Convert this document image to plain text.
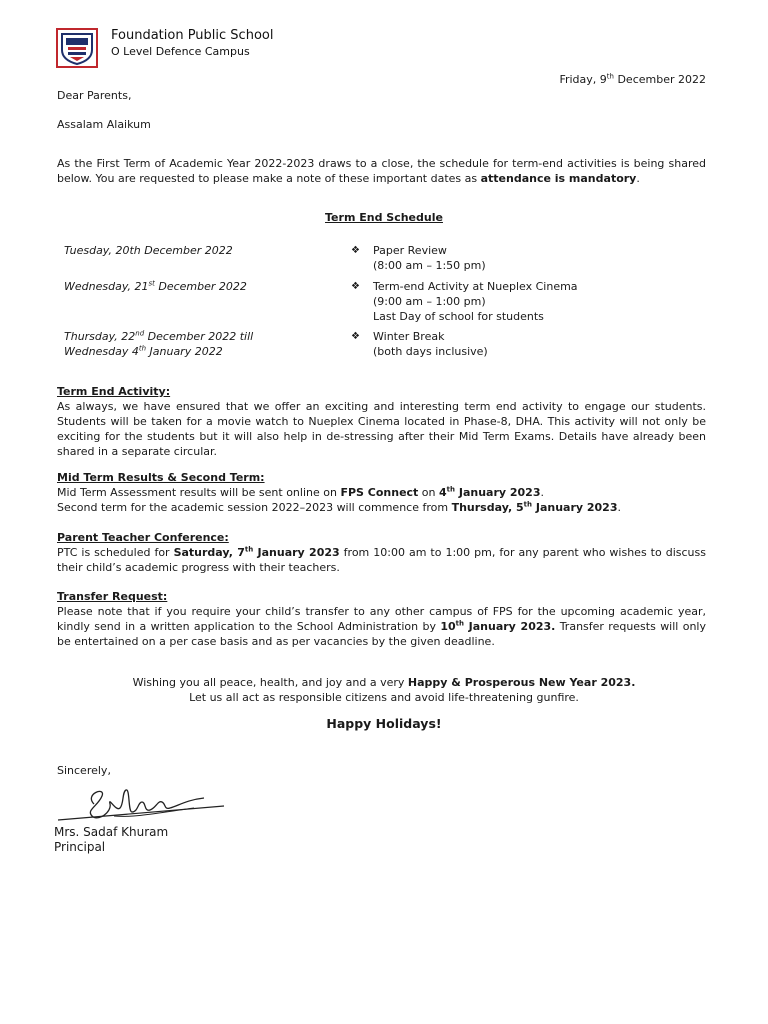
Foundation Public School
O Level Defence Campus
Friday, 9th December 2022
Dear Parents,
Assalam Alaikum
As the First Term of Academic Year 2022-2023 draws to a close, the schedule for term-end activities is being shared below. You are requested to please make a note of these important dates as attendance is mandatory.
Term End Schedule
Tuesday, 20th December 2022	❖ Paper Review
(8:00 am – 1:50 pm)
Wednesday, 21st December 2022	❖ Term-end Activity at Nueplex Cinema
(9:00 am – 1:00 pm)
Last Day of school for students
Thursday, 22nd December 2022 till
Wednesday 4th January 2022
❖ Winter Break
(both days inclusive)
Term End Activity:
As always, we have ensured that we offer an exciting and interesting term end activity to engage our students. Students will be taken for a movie watch to Nueplex Cinema located in Phase-8, DHA. This activity will not only be exciting for the students but it will also help in de-stressing after their Mid Term Exams. Details have already been shared in a separate circular.
Mid Term Results & Second Term:
Mid Term Assessment results will be sent online on FPS Connect on 4th January 2023.
Second term for the academic session 2022–2023 will commence from Thursday, 5th January 2023.
Parent Teacher Conference:
PTC is scheduled for Saturday, 7th January 2023 from 10:00 am to 1:00 pm, for any parent who wishes to discuss their child’s academic progress with their teachers.
Transfer Request:
Please note that if you require your child’s transfer to any other campus of FPS for the upcoming academic year, kindly send in a written application to the School Administration by 10th January 2023. Transfer requests will only be entertained on a per case basis and as per vacancies by the given deadline.
Wishing you all peace, health, and joy and a very Happy & Prosperous New Year 2023.
Let us all act as responsible citizens and avoid life-threatening gunfire.
Happy Holidays!
Sincerely,
Mrs. Sadaf Khuram
Principal
